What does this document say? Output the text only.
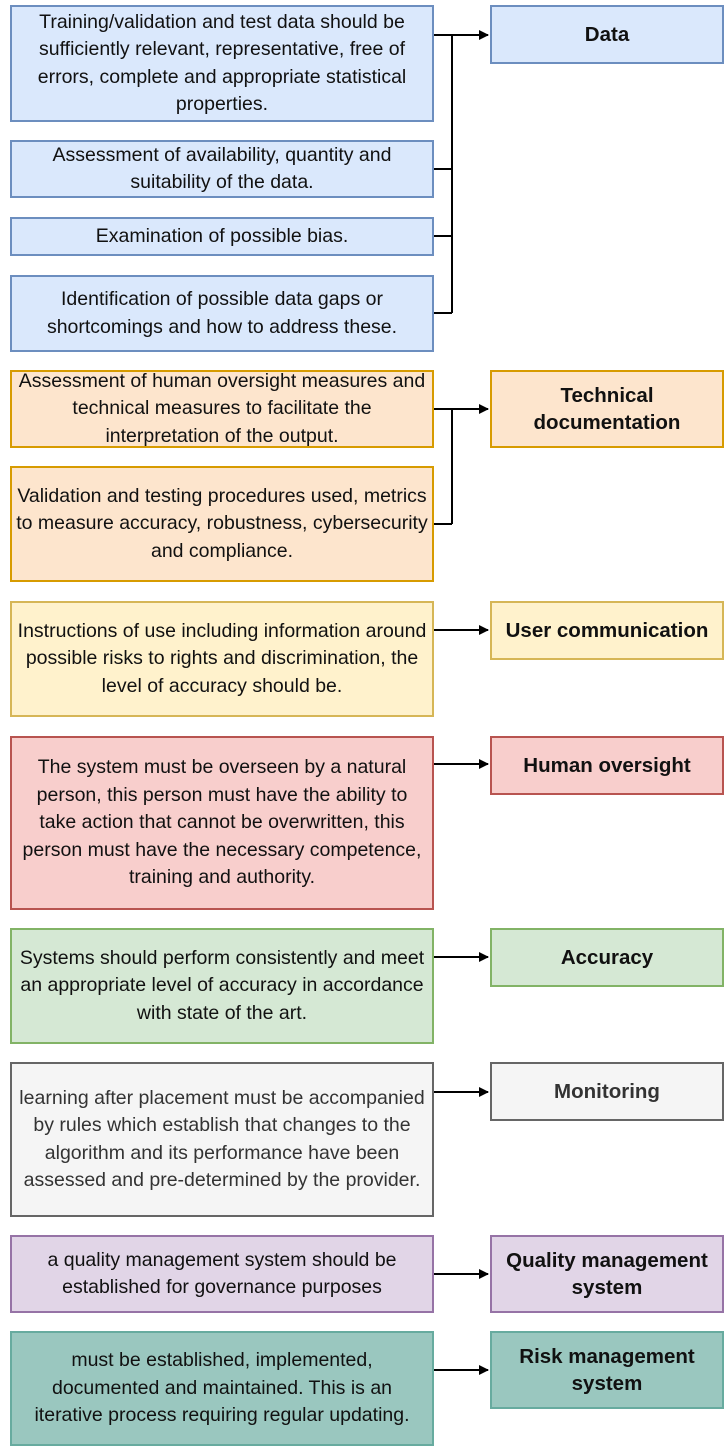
Training/validation and test data should be sufficiently relevant, representative, free of errors, complete and appropriate statistical properties.
Assessment of availability, quantity and suitability of the data.
Examination of possible bias.
Identification of possible data gaps or shortcomings and how to address these.
Data
Assessment of human oversight measures and technical measures to facilitate the interpretation of the output.
Validation and testing procedures used, metrics to measure accuracy, robustness, cybersecurity and compliance.
Technical documentation
Instructions of use including information around possible risks to rights and discrimination, the level of accuracy should be.
User communication
The system must be overseen by a natural person, this person must have the ability to take action that cannot be overwritten, this person must have the necessary competence, training and authority.
Human oversight
Systems should perform consistently and meet an appropriate level of accuracy in accordance with state of the art.
Accuracy
learning after placement must be accompanied by rules which establish that changes to the algorithm and its performance have been assessed and pre-determined by the provider.
Monitoring
a quality management system should be established for governance purposes
Quality management system
must be established, implemented, documented and maintained. This is an iterative process requiring regular updating.
Risk management system
